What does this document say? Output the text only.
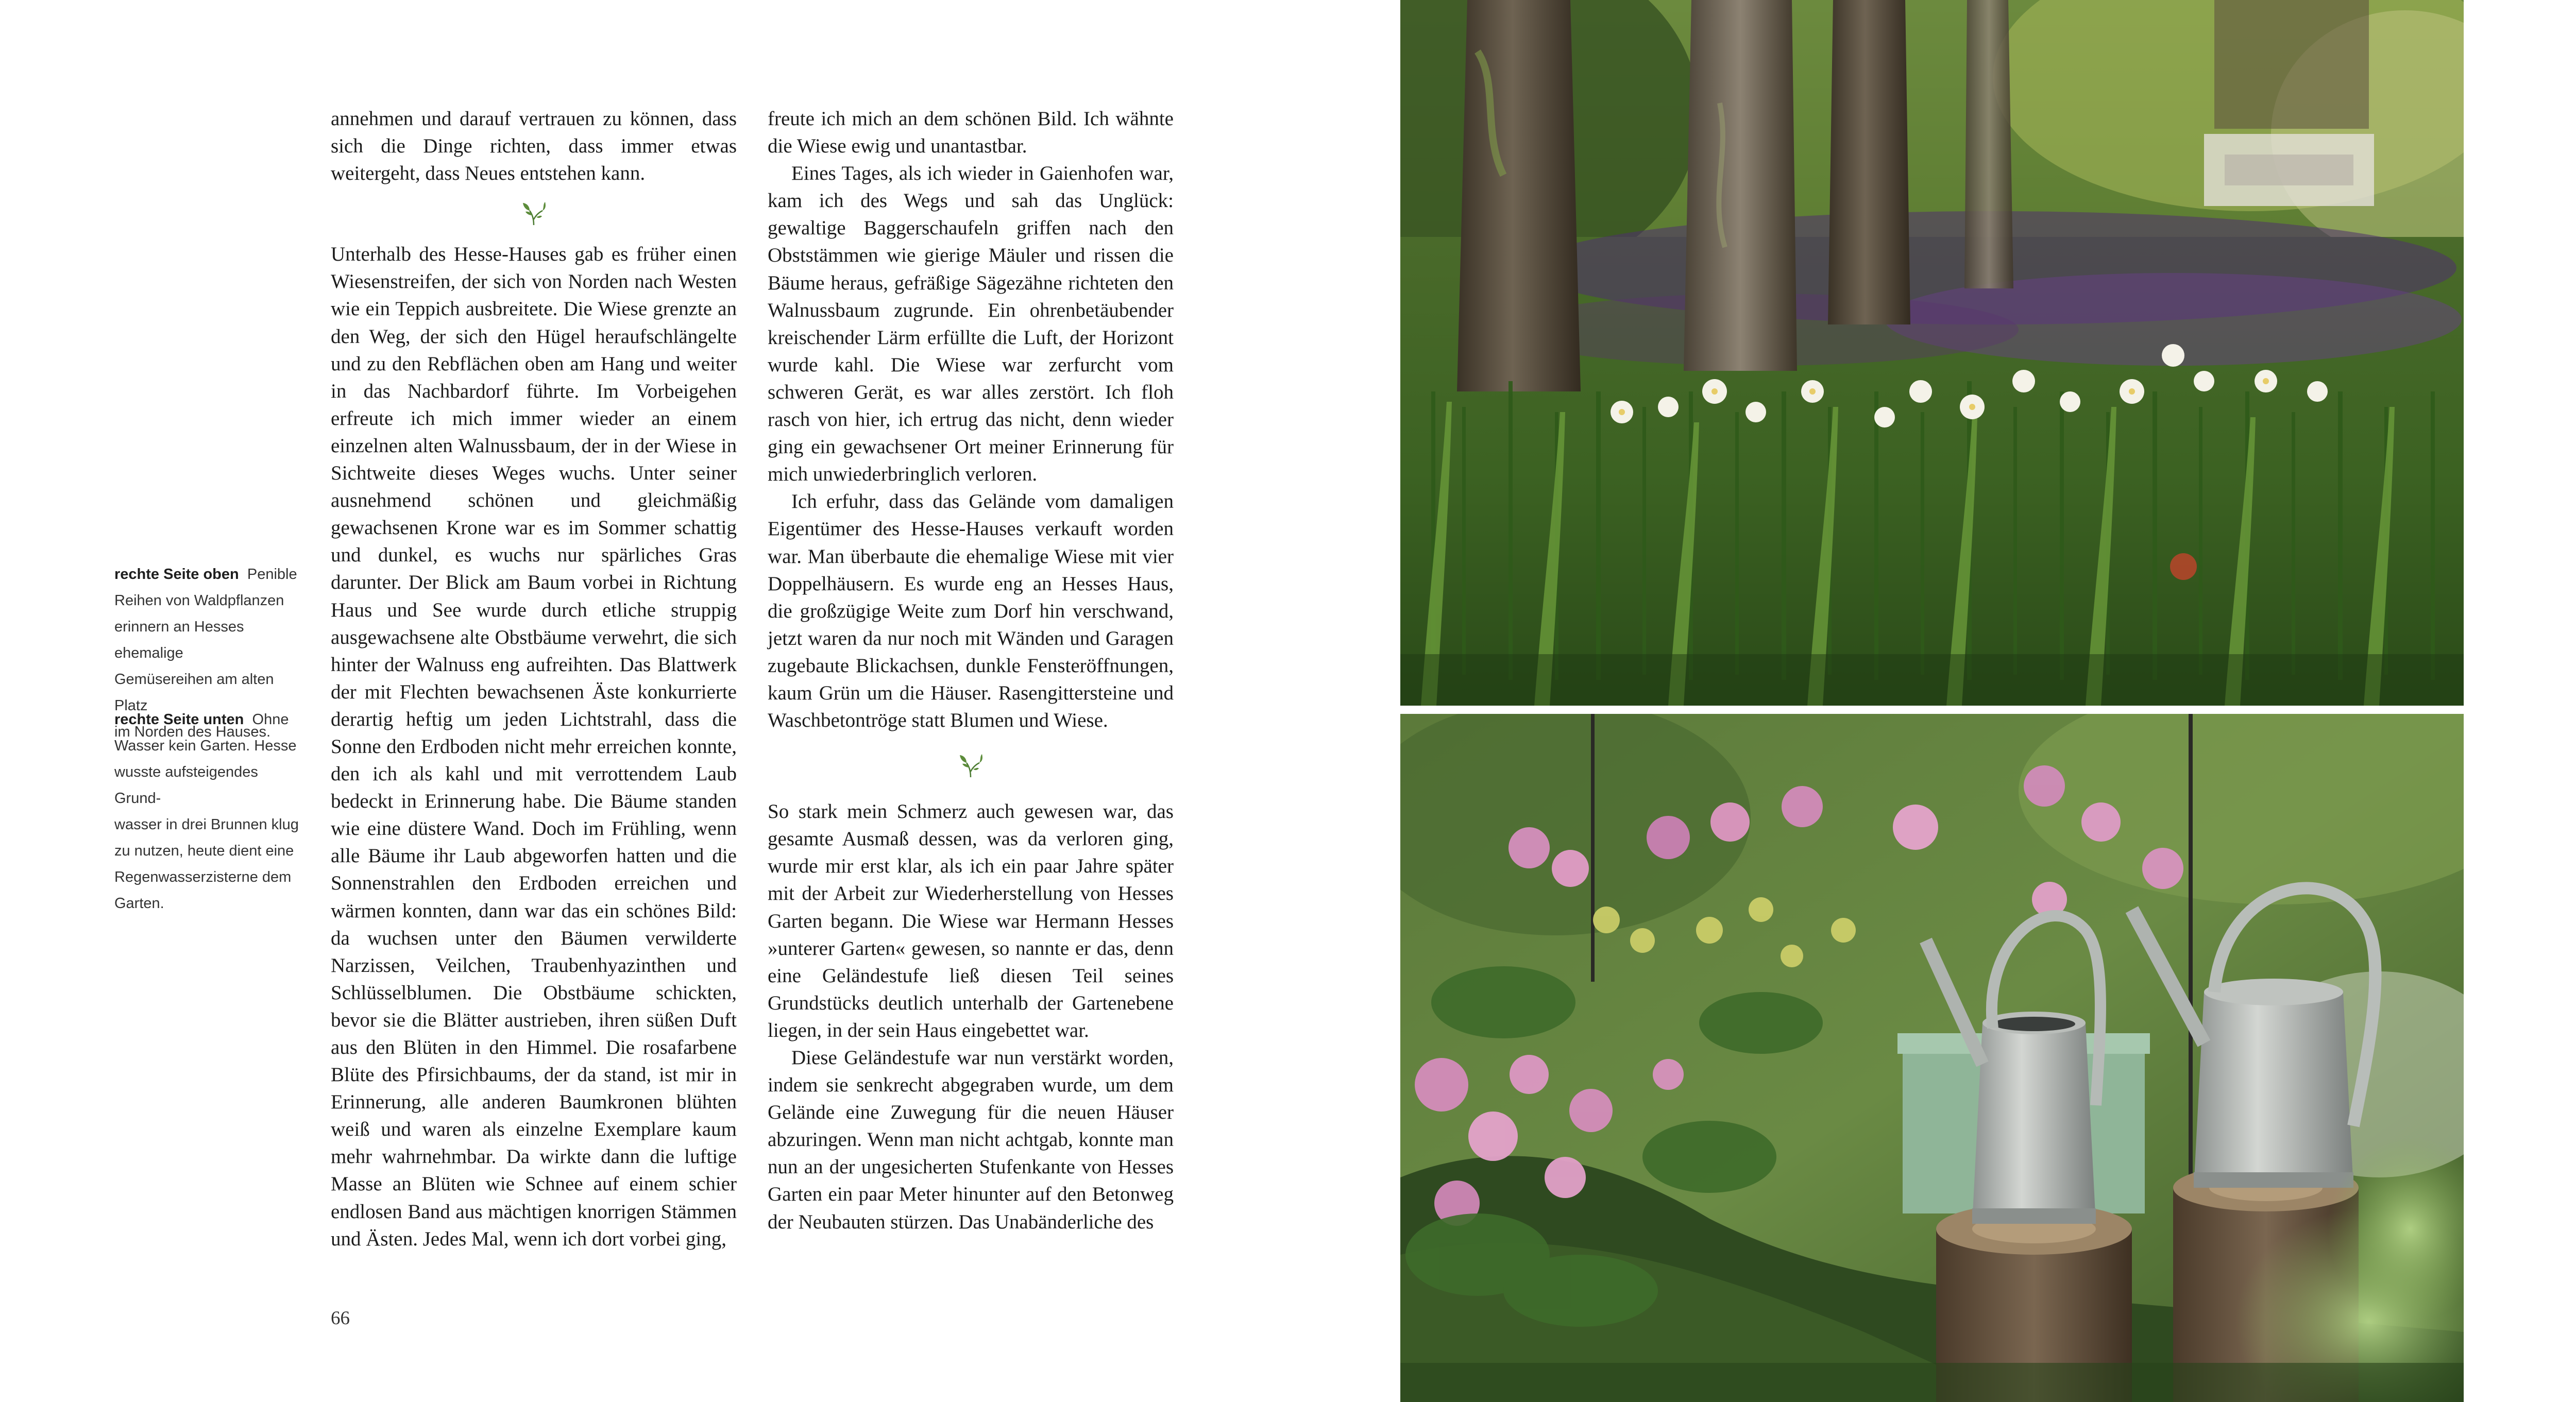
rechte Seite oben Penible
Reihen von Waldpflanzen
erinnern an Hesses ehemalige
Gemüsereihen am alten Platz
im Norden des Hauses.
rechte Seite unten Ohne
Wasser kein Garten. Hesse
wusste aufsteigendes Grund-
wasser in drei Brunnen klug
zu nutzen, heute dient eine
Regenwasserzisterne dem
Garten.

annehmen und darauf vertrauen zu können, dass sich die Dinge richten, dass immer etwas weitergeht, dass Neues entstehen kann.

Unterhalb des Hesse-Hauses gab es früher einen Wiesenstreifen, der sich von Norden nach Westen wie ein Teppich ausbreitete. Die Wiese grenzte an den Weg, der sich den Hügel heraufschlängelte und zu den Rebflächen oben am Hang und weiter in das Nachbardorf führte. Im Vorbeigehen erfreute ich mich immer wieder an einem einzelnen alten Walnussbaum, der in der Wiese in Sichtweite dieses Weges wuchs. Unter seiner ausnehmend schönen und gleichmäßig gewachsenen Krone war es im Sommer schattig und dunkel, es wuchs nur spärliches Gras darunter. Der Blick am Baum vorbei in Richtung Haus und See wurde durch etliche struppig ausgewachsene alte Obstbäume verwehrt, die sich hinter der Walnuss eng aufreihten. Das Blattwerk der mit Flechten bewachsenen Äste konkurrierte derartig heftig um jeden Lichtstrahl, dass die Sonne den Erdboden nicht mehr erreichen konnte, den ich als kahl und mit verrottendem Laub bedeckt in Erinnerung habe. Die Bäume standen wie eine düstere Wand. Doch im Frühling, wenn alle Bäume ihr Laub abgeworfen hatten und die Sonnenstrahlen den Erdboden erreichen und wärmen konnten, dann war das ein schönes Bild: da wuchsen unter den Bäumen verwilderte Narzissen, Veilchen, Traubenhyazinthen und Schlüsselblumen. Die Obstbäume schickten, bevor sie die Blätter austrieben, ihren süßen Duft aus den Blüten in den Himmel. Die rosafarbene Blüte des Pfirsichbaums, der da stand, ist mir in Erinnerung, alle anderen Baumkronen blühten weiß und waren als einzelne Exemplare kaum mehr wahrnehmbar. Da wirkte dann die luftige Masse an Blüten wie Schnee auf einem schier endlosen Band aus mächtigen knorrigen Stämmen und Ästen. Jedes Mal, wenn ich dort vorbei ging,

freute ich mich an dem schönen Bild. Ich wähnte die Wiese ewig und unantastbar.

Eines Tages, als ich wieder in Gaienhofen war, kam ich des Wegs und sah das Unglück: gewaltige Baggerschaufeln griffen nach den Obststämmen wie gierige Mäuler und rissen die Bäume heraus, gefräßige Sägezähne richteten den Walnussbaum zugrunde. Ein ohrenbetäubender kreischender Lärm erfüllte die Luft, der Horizont wurde kahl. Die Wiese war zerfurcht vom schweren Gerät, es war alles zerstört. Ich floh rasch von hier, ich ertrug das nicht, denn wieder ging ein gewachsener Ort meiner Erinnerung für mich unwiederbringlich verloren.

Ich erfuhr, dass das Gelände vom damaligen Eigentümer des Hesse-Hauses verkauft worden war. Man überbaute die ehemalige Wiese mit vier Doppelhäusern. Es wurde eng an Hesses Haus, die großzügige Weite zum Dorf hin verschwand, jetzt waren da nur noch mit Wänden und Garagen zugebaute Blickachsen, dunkle Fensteröffnungen, kaum Grün um die Häuser. Rasengittersteine und Waschbetontröge statt Blumen und Wiese.

So stark mein Schmerz auch gewesen war, das gesamte Ausmaß dessen, was da verloren ging, wurde mir erst klar, als ich ein paar Jahre später mit der Arbeit zur Wiederherstellung von Hesses Garten begann. Die Wiese war Hermann Hesses »unterer Garten« gewesen, so nannte er das, denn eine Geländestufe ließ diesen Teil seines Grundstücks deutlich unterhalb der Gartenebene liegen, in der sein Haus eingebettet war.

Diese Geländestufe war nun verstärkt worden, indem sie senkrecht abgegraben wurde, um dem Gelände eine Zuwegung für die neuen Häuser abzuringen. Wenn man nicht achtgab, konnte man nun an der ungesicherten Stufenkante von Hesses Garten ein paar Meter hinunter auf den Betonweg der Neubauten stürzen. Das Unabänderliche des

66
